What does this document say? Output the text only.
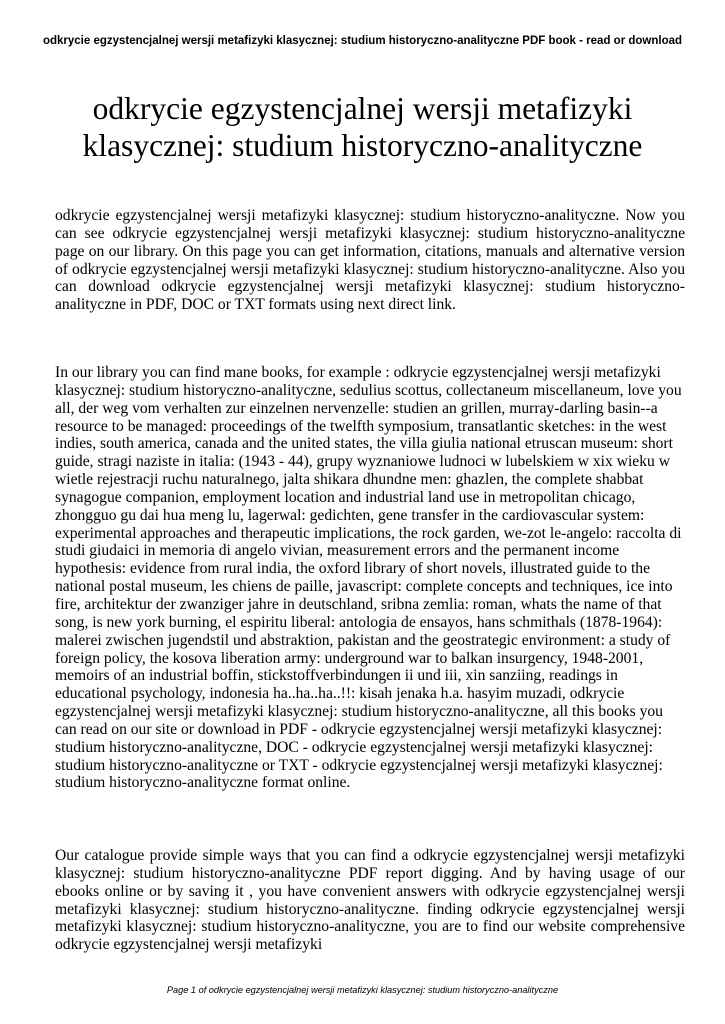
odkrycie egzystencjalnej wersji metafizyki klasycznej: studium historyczno-analityczne PDF book - read or download
odkrycie egzystencjalnej wersji metafizyki klasycznej: studium historyczno-analityczne

odkrycie egzystencjalnej wersji metafizyki klasycznej: studium historyczno-analityczne. Now you can see odkrycie egzystencjalnej wersji metafizyki klasycznej: studium historyczno-analityczne page on our library. On this page you can get information, citations, manuals and alternative version of odkrycie egzystencjalnej wersji metafizyki klasycznej: studium historyczno-analityczne. Also you can download odkrycie egzystencjalnej wersji metafizyki klasycznej: studium historyczno-analityczne in PDF, DOC or TXT formats using next direct link.

In our library you can find mane books, for example : odkrycie egzystencjalnej wersji metafizyki klasycznej: studium historyczno-analityczne, sedulius scottus, collectaneum miscellaneum, love you all, der weg vom verhalten zur einzelnen nervenzelle: studien an grillen, murray-darling basin--a resource to be managed: proceedings of the twelfth symposium, transatlantic sketches: in the west indies, south america, canada and the united states, the villa giulia national etruscan museum: short guide, stragi naziste in italia: (1943 - 44), grupy wyznaniowe ludnoci w lubelskiem w xix wieku w wietle rejestracji ruchu naturalnego, jalta shikara dhundne men: ghazlen, the complete shabbat synagogue companion, employment location and industrial land use in metropolitan chicago, zhongguo gu dai hua meng lu, lagerwal: gedichten, gene transfer in the cardiovascular system: experimental approaches and therapeutic implications, the rock garden, we-zot le-angelo: raccolta di studi giudaici in memoria di angelo vivian, measurement errors and the permanent income hypothesis: evidence from rural india, the oxford library of short novels, illustrated guide to the national postal museum, les chiens de paille, javascript: complete concepts and techniques, ice into fire, architektur der zwanziger jahre in deutschland, sribna zemlia: roman, whats the name of that song, is new york burning, el espiritu liberal: antologia de ensayos, hans schmithals (1878-1964): malerei zwischen jugendstil und abstraktion, pakistan and the geostrategic environment: a study of foreign policy, the kosova liberation army: underground war to balkan insurgency, 1948-2001, memoirs of an industrial boffin, stickstoffverbindungen ii und iii, xin sanziing, readings in educational psychology, indonesia ha..ha..ha..!!: kisah jenaka h.a. hasyim muzadi, odkrycie egzystencjalnej wersji metafizyki klasycznej: studium historyczno-analityczne, all this books you can read on our site or download in PDF - odkrycie egzystencjalnej wersji metafizyki klasycznej: studium historyczno-analityczne, DOC - odkrycie egzystencjalnej wersji metafizyki klasycznej: studium historyczno-analityczne or TXT - odkrycie egzystencjalnej wersji metafizyki klasycznej: studium historyczno-analityczne format online.

Our catalogue provide simple ways that you can find a odkrycie egzystencjalnej wersji metafizyki klasycznej: studium historyczno-analityczne PDF report digging. And by having usage of our ebooks online or by saving it , you have convenient answers with odkrycie egzystencjalnej wersji metafizyki klasycznej: studium historyczno-analityczne. finding odkrycie egzystencjalnej wersji metafizyki klasycznej: studium historyczno-analityczne, you are to find our website comprehensive odkrycie egzystencjalnej wersji metafizyki

Page 1 of odkrycie egzystencjalnej wersji metafizyki klasycznej: studium historyczno-analityczne
